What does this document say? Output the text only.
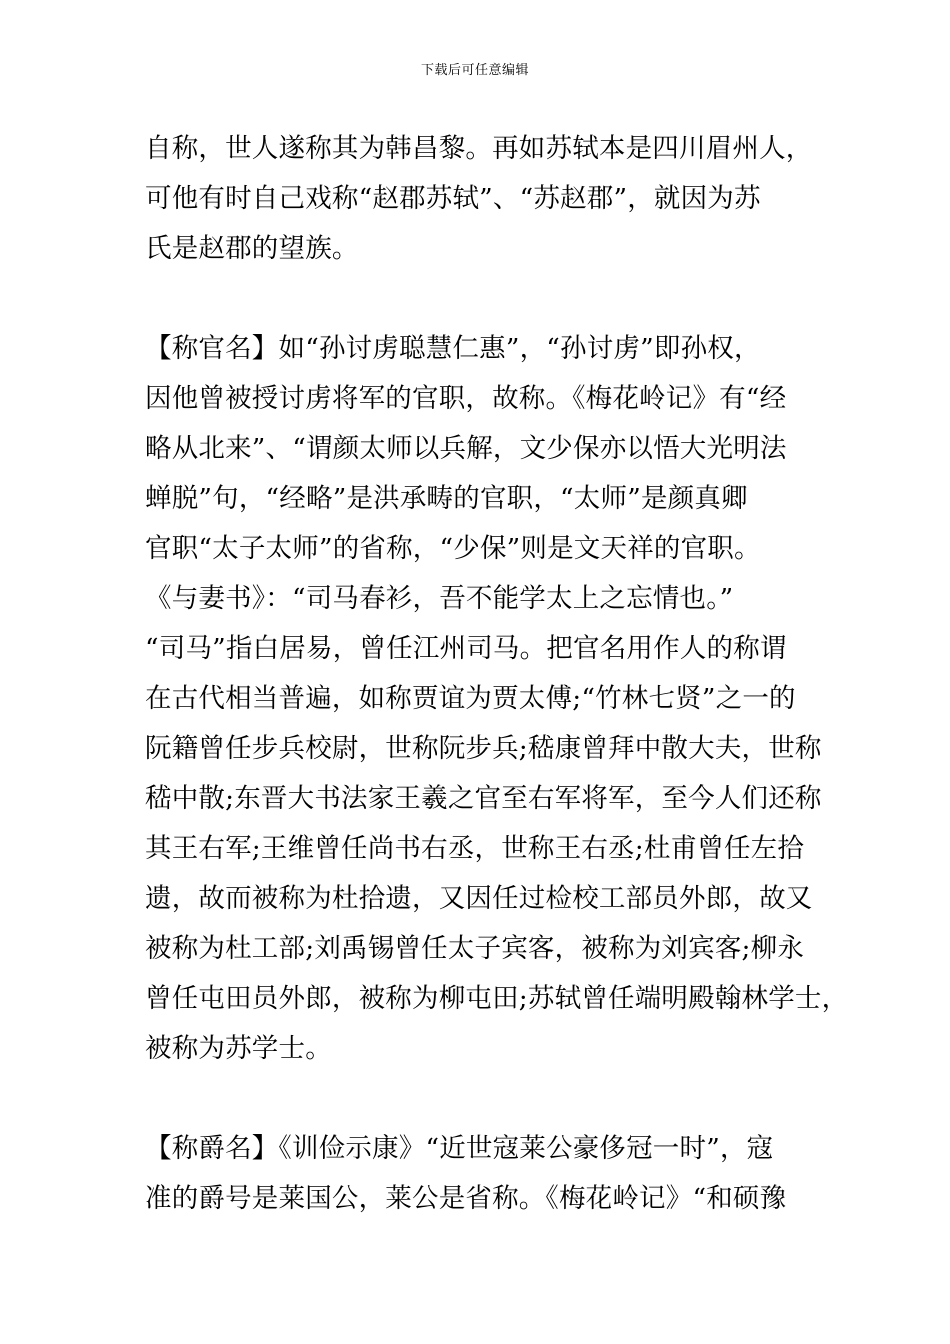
下载后可任意编辑
自称，世人遂称其为韩昌黎。再如苏轼本是四川眉州人，
可他有时自己戏称“赵郡苏轼”、“苏赵郡”，就因为苏
氏是赵郡的望族。
【称官名】如“孙讨虏聪慧仁惠”，“孙讨虏”即孙权，
因他曾被授讨虏将军的官职，故称。《梅花岭记》有“经
略从北来”、“谓颜太师以兵解，文少保亦以悟大光明法
蝉脱”句，“经略”是洪承畴的官职，“太师”是颜真卿
官职“太子太师”的省称，“少保”则是文天祥的官职。
《与妻书》：“司马春衫，吾不能学太上之忘情也。”
“司马”指白居易，曾任江州司马。把官名用作人的称谓
在古代相当普遍，如称贾谊为贾太傅;“竹林七贤”之一的
阮籍曾任步兵校尉，世称阮步兵;嵇康曾拜中散大夫，世称
嵇中散;东晋大书法家王羲之官至右军将军，至今人们还称
其王右军;王维曾任尚书右丞，世称王右丞;杜甫曾任左拾
遗，故而被称为杜拾遗，又因任过检校工部员外郎，故又
被称为杜工部;刘禹锡曾任太子宾客，被称为刘宾客;柳永
曾任屯田员外郎，被称为柳屯田;苏轼曾任端明殿翰林学士，
被称为苏学士。
【称爵名】《训俭示康》“近世寇莱公豪侈冠一时”，寇
准的爵号是莱国公，莱公是省称。《梅花岭记》“和硕豫
